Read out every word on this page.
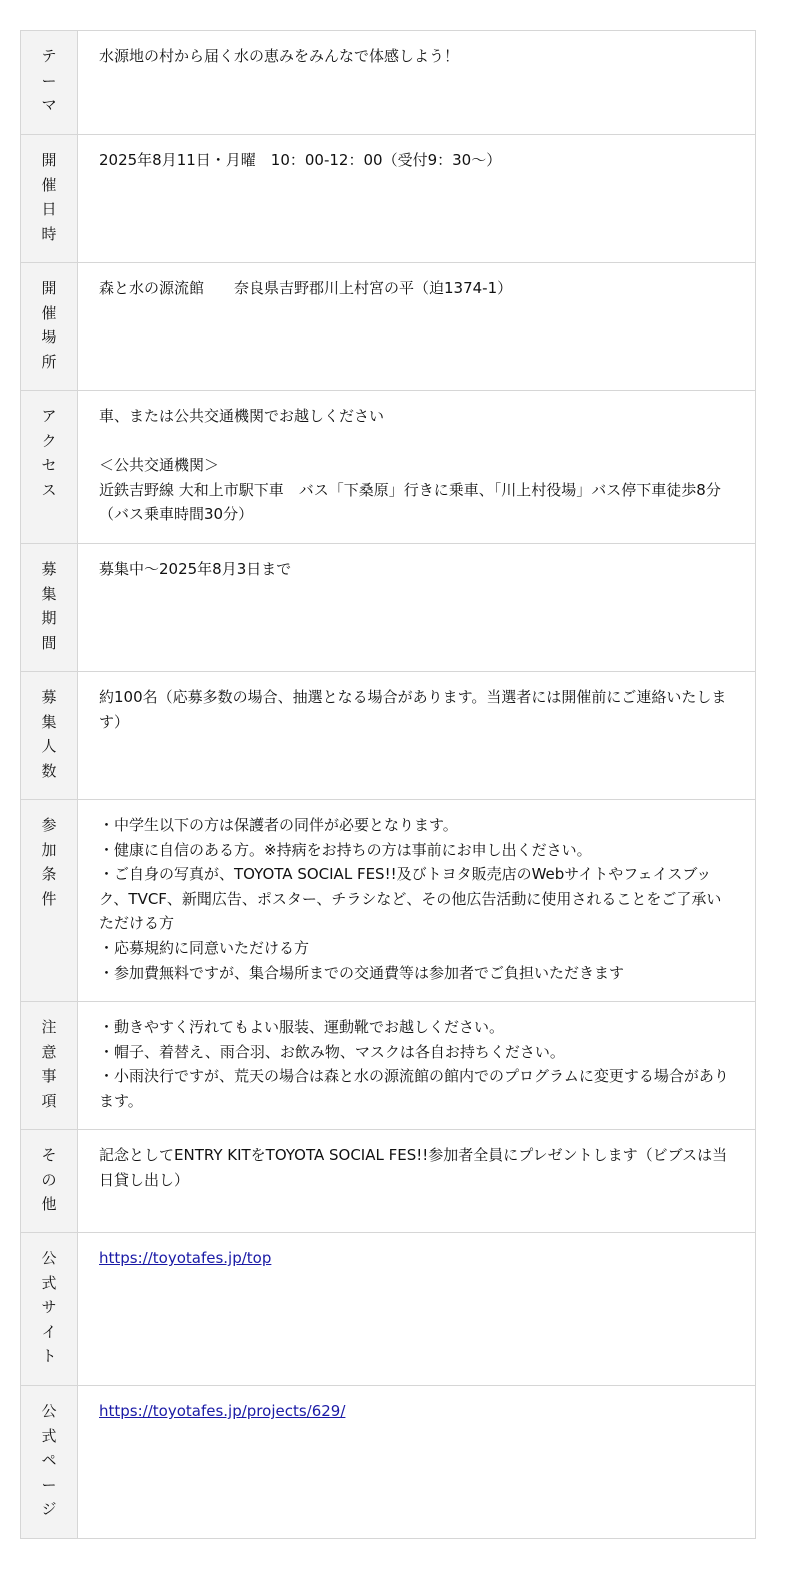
テーマ	水源地の村から届く水の恵みをみんなで体感しよう！

開催日時	2025年8月11日・月曜　10：00-12：00（受付9：30〜）

開催場所	森と水の源流館　　奈良県吉野郡川上村宮の平（迫1374-1）

アクセス	車、または公共交通機関でお越しください

＜公共交通機関＞
近鉄吉野線 大和上市駅下車　バス「下桑原」行きに乗車、「川上村役場」バス停下車徒歩8分（バス乗車時間30分）

募集期間	募集中〜2025年8月3日まで

募集人数	約100名（応募多数の場合、抽選となる場合があります。当選者には開催前にご連絡いたします）

参加条件	・中学生以下の方は保護者の同伴が必要となります。
・健康に自信のある方。※持病をお持ちの方は事前にお申し出ください。
・ご自身の写真が、TOYOTA SOCIAL FES!!及びトヨタ販売店のWebサイトやフェイスブック、TVCF、新聞広告、ポスター、チラシなど、その他広告活動に使用されることをご了承いただける方
・応募規約に同意いただける方
・参加費無料ですが、集合場所までの交通費等は参加者でご負担いただきます

注意事項	・動きやすく汚れてもよい服装、運動靴でお越しください。
・帽子、着替え、雨合羽、お飲み物、マスクは各自お持ちください。
・小雨決行ですが、荒天の場合は森と水の源流館の館内でのプログラムに変更する場合があります。

その他	記念としてENTRY KITをTOYOTA SOCIAL FES!!参加者全員にプレゼントします（ビブスは当日貸し出し）

公式サイト	https://toyotafes.jp/top
公式ページ	https://toyotafes.jp/projects/629/
